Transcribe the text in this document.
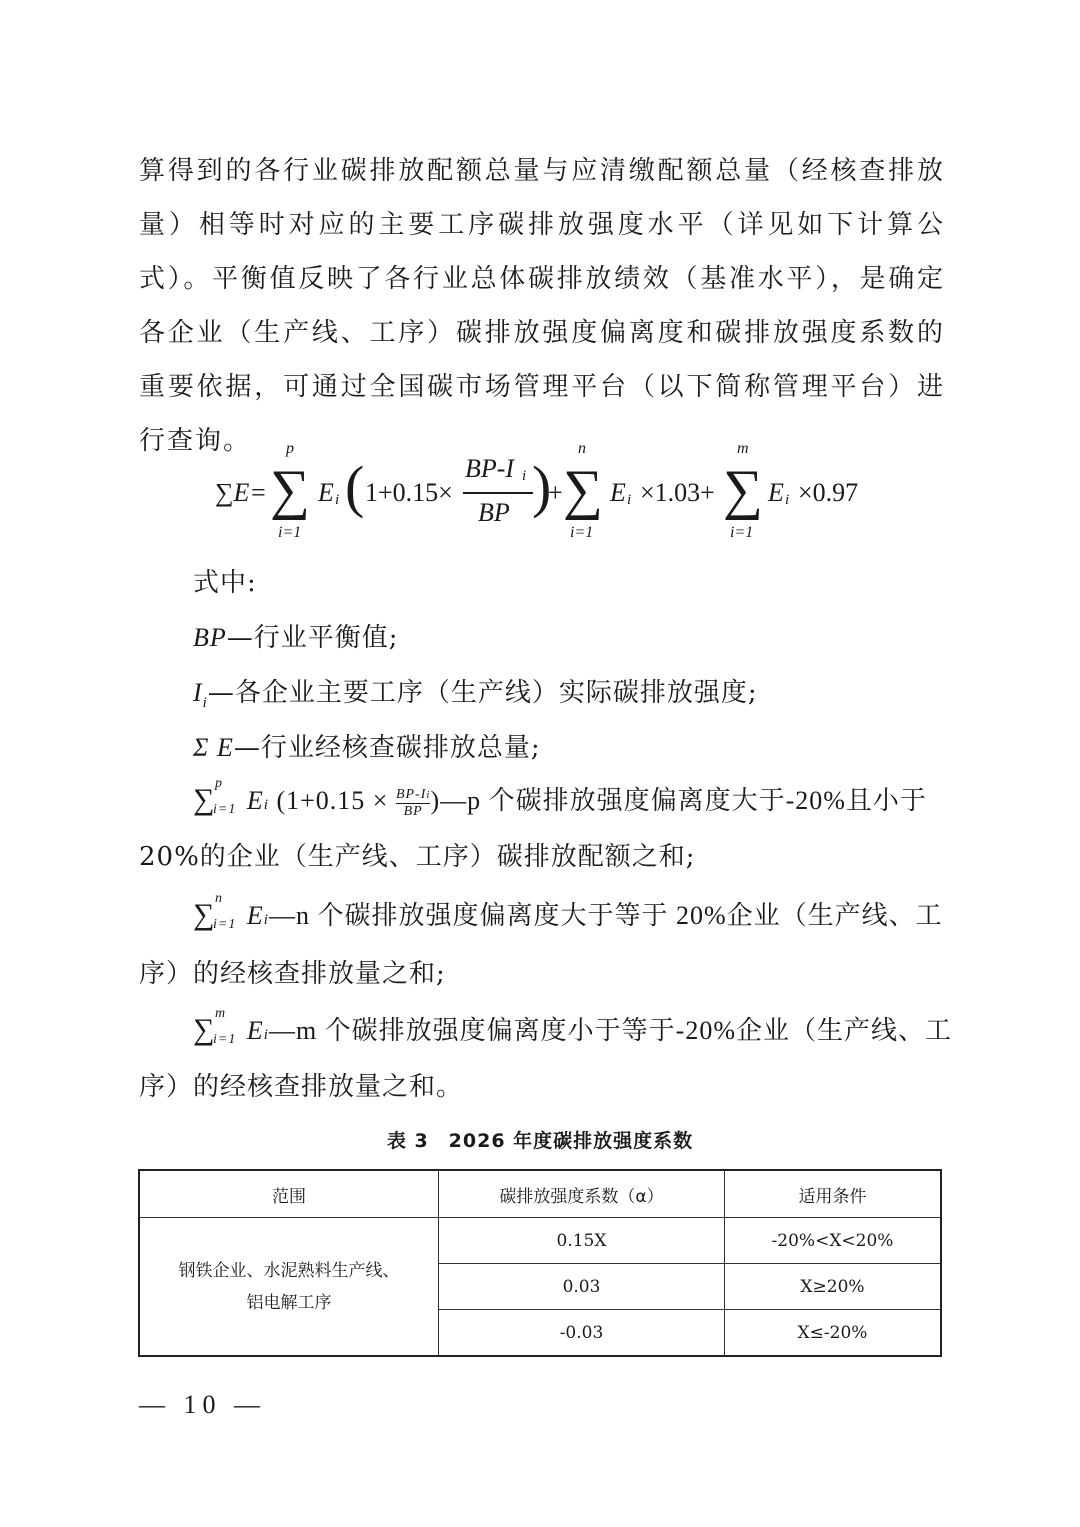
算得到的各行业碳排放配额总量与应清缴配额总量（经核查排放量）相等时对应的主要工序碳排放强度水平（详见如下计算公式）。平衡值反映了各行业总体碳排放绩效（基准水平），是确定各企业（生产线、工序）碳排放强度偏离度和碳排放强度系数的重要依据，可通过全国碳市场管理平台（以下简称管理平台）进行查询。

∑E=
p
∑
i=1
E i ( 1+0.15×
BP-I i
BP )
+
n
∑
i=1
E i ×1.03+
m
∑
i=1
E i ×0.97
式中:
BP—行业平衡值;
$I_i—$各企业主要工序（生产线）实际碳排放强度;
Σ E—行业经核查碳排放总量;
∑ p
i=1 Ei (1+0.15 × BP-Ii

BP )—p 个碳排放强度偏离度大于-20%且小于
20%的企业（生产线、工序）碳排放配额之和;
∑ n
i=1 Ei—n 个碳排放强度偏离度大于等于 20%企业（生产线、工
序）的经核查排放量之和;
∑ m
i=1 Ei—m 个碳排放强度偏离度小于等于-20%企业（生产线、工
序）的经核查排放量之和。
表 3　2026 年度碳排放强度系数
范围	碳排放强度系数（α）	适用条件
钢铁企业、水泥熟料生产线、
铝电解工序	0.15X	-20%<X<20%
	0.03	X≥20%
	-0.03	X≤-20%
— 10 —
